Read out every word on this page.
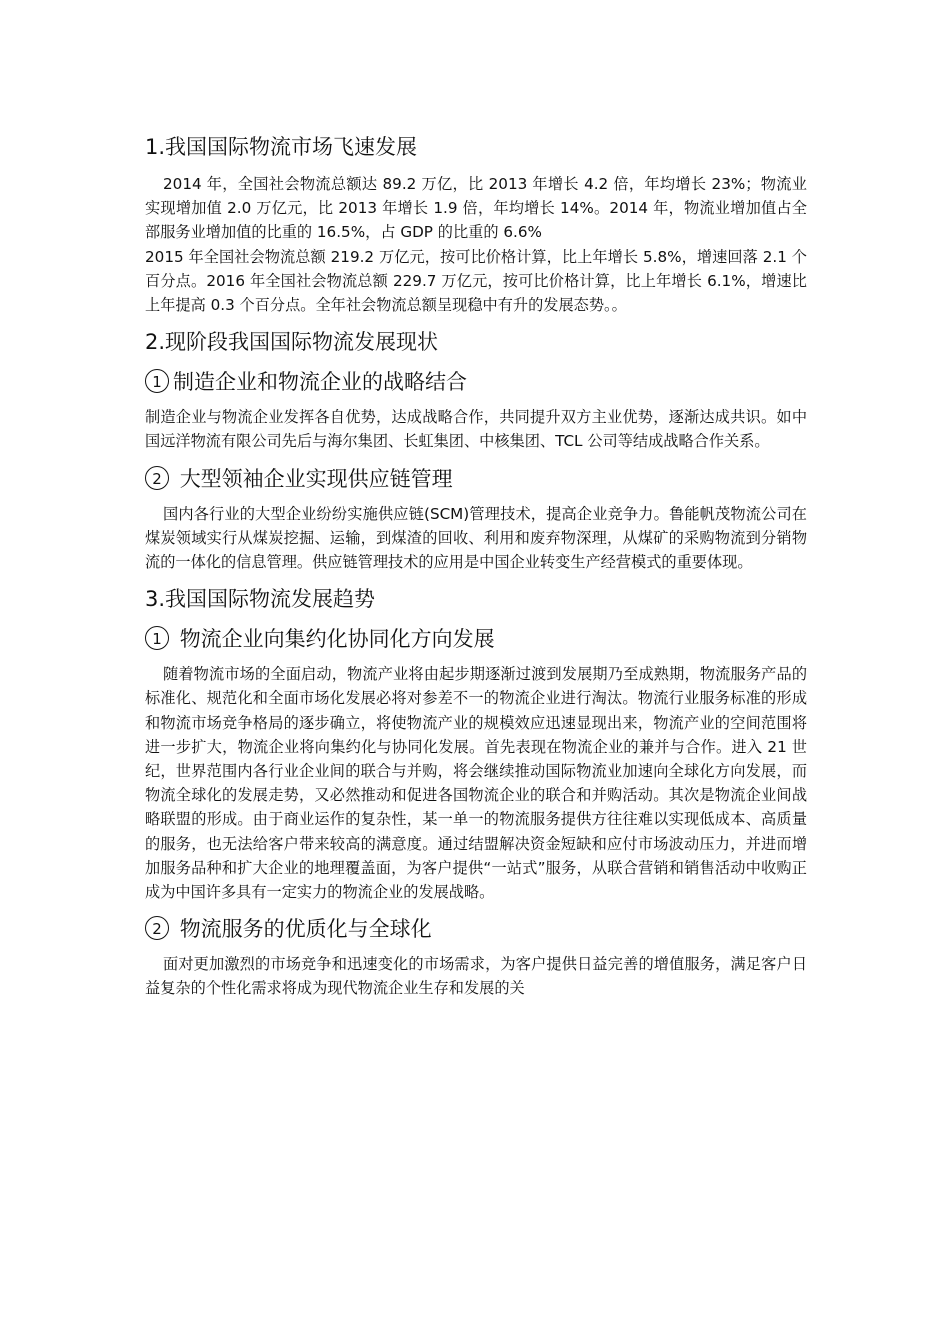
1.我国国际物流市场飞速发展

2014 年，全国社会物流总额达 89.2 万亿，比 2013 年增长 4.2 倍，年均增长 23%；物流业实现增加值 2.0 万亿元，比 2013 年增长 1.9 倍，年均增长 14%。2014 年，物流业增加值占全部服务业增加值的比重的 16.5%，占 GDP 的比重的 6.6%

2015 年全国社会物流总额 219.2 万亿元，按可比价格计算，比上年增长 5.8%，增速回落 2.1 个百分点。2016 年全国社会物流总额 229.7 万亿元，按可比价格计算，比上年增长 6.1%，增速比上年提高 0.3 个百分点。全年社会物流总额呈现稳中有升的发展态势。。

2.现阶段我国国际物流发展现状
1 制造企业和物流企业的战略结合

制造企业与物流企业发挥各自优势，达成战略合作，共同提升双方主业优势，逐渐达成共识。如中国远洋物流有限公司先后与海尔集团、长虹集团、中核集团、TCL 公司等结成战略合作关系。

2 大型领袖企业实现供应链管理

国内各行业的大型企业纷纷实施供应链(SCM)管理技术，提高企业竞争力。鲁能帆茂物流公司在煤炭领域实行从煤炭挖掘、运输，到煤渣的回收、利用和废弃物深理，从煤矿的采购物流到分销物流的一体化的信息管理。供应链管理技术的应用是中国企业转变生产经营模式的重要体现。

3.我国国际物流发展趋势
1 物流企业向集约化协同化方向发展

随着物流市场的全面启动，物流产业将由起步期逐渐过渡到发展期乃至成熟期，物流服务产品的标准化、规范化和全面市场化发展必将对参差不一的物流企业进行淘汰。物流行业服务标准的形成和物流市场竞争格局的逐步确立，将使物流产业的规模效应迅速显现出来，物流产业的空间范围将进一步扩大，物流企业将向集约化与协同化发展。首先表现在物流企业的兼并与合作。进入 21 世纪，世界范围内各行业企业间的联合与并购，将会继续推动国际物流业加速向全球化方向发展，而物流全球化的发展走势，又必然推动和促进各国物流企业的联合和并购活动。其次是物流企业间战略联盟的形成。由于商业运作的复杂性，某一单一的物流服务提供方往往难以实现低成本、高质量的服务，也无法给客户带来较高的满意度。通过结盟解决资金短缺和应付市场波动压力，并进而增加服务品种和扩大企业的地理覆盖面，为客户提供“一站式”服务，从联合营销和销售活动中收购正成为中国许多具有一定实力的物流企业的发展战略。

2 物流服务的优质化与全球化

面对更加激烈的市场竞争和迅速变化的市场需求，为客户提供日益完善的增值服务，满足客户日益复杂的个性化需求将成为现代物流企业生存和发展的关
